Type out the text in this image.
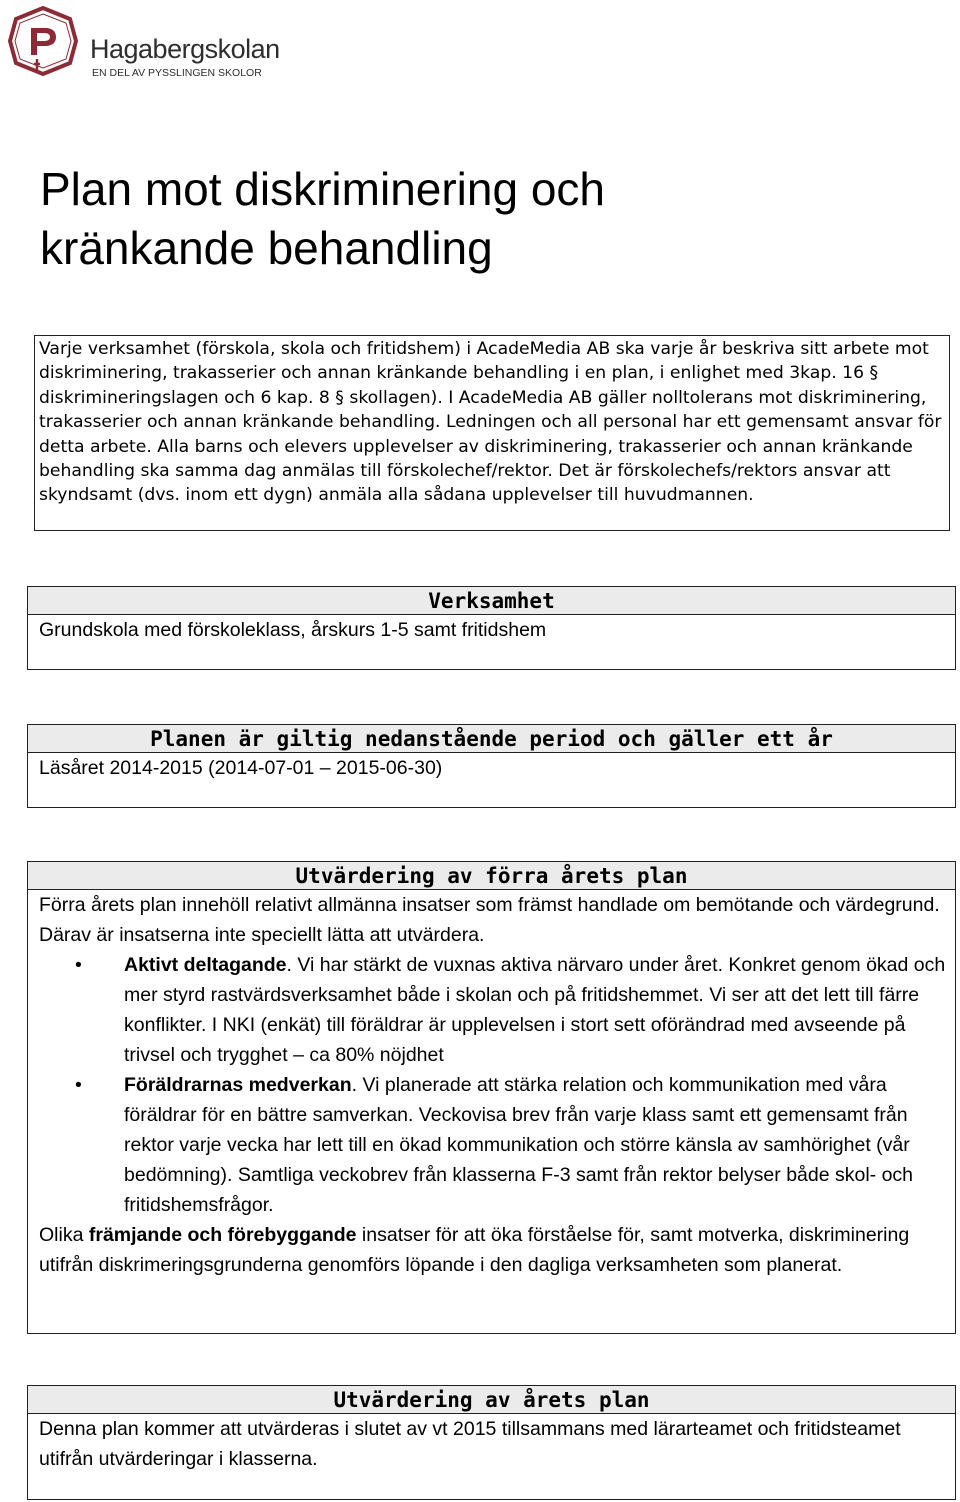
Hagabergskolan
EN DEL AV PYSSLINGEN SKOLOR
Plan mot diskriminering och
kränkande behandling
Varje verksamhet (förskola, skola och fritidshem) i AcadeMedia AB ska varje år beskriva sitt arbete mot diskriminering, trakasserier och annan kränkande behandling i en plan, i enlighet med 3kap. 16 § diskrimineringslagen och 6 kap. 8 § skollagen). I AcadeMedia AB gäller nolltolerans mot diskriminering, trakasserier och annan kränkande behandling. Ledningen och all personal har ett gemensamt ansvar för detta arbete. Alla barns och elevers upplevelser av diskriminering, trakasserier och annan kränkande behandling ska samma dag anmälas till förskolechef/rektor. Det är förskolechefs/rektors ansvar att skyndsamt (dvs. inom ett dygn) anmäla alla sådana upplevelser till huvudmannen.
Verksamhet
Grundskola med förskoleklass, årskurs 1-5 samt fritidshem
Planen är giltig nedanstående period och gäller ett år
Läsåret 2014-2015 (2014-07-01 – 2015-06-30)
Utvärdering av förra årets plan
Förra årets plan innehöll relativt allmänna insatser som främst handlade om bemötande och värdegrund. Därav är insatserna inte speciellt lätta att utvärdera.
• Aktivt deltagande. Vi har stärkt de vuxnas aktiva närvaro under året. Konkret genom ökad och mer styrd rastvärdsverksamhet både i skolan och på fritidshemmet. Vi ser att det lett till färre konflikter. I NKI (enkät) till föräldrar är upplevelsen i stort sett oförändrad med avseende på trivsel och trygghet – ca 80% nöjdhet
• Föräldrarnas medverkan. Vi planerade att stärka relation och kommunikation med våra föräldrar för en bättre samverkan. Veckovisa brev från varje klass samt ett gemensamt från rektor varje vecka har lett till en ökad kommunikation och större känsla av samhörighet (vår bedömning). Samtliga veckobrev från klasserna F-3 samt från rektor belyser både skol- och fritidshemsfrågor.
Olika främjande och förebyggande insatser för att öka förståelse för, samt motverka, diskriminering utifrån diskrimeringsgrunderna genomförs löpande i den dagliga verksamheten som planerat.
Utvärdering av årets plan
Denna plan kommer att utvärderas i slutet av vt 2015 tillsammans med lärarteamet och fritidsteamet utifrån utvärderingar i klasserna.
